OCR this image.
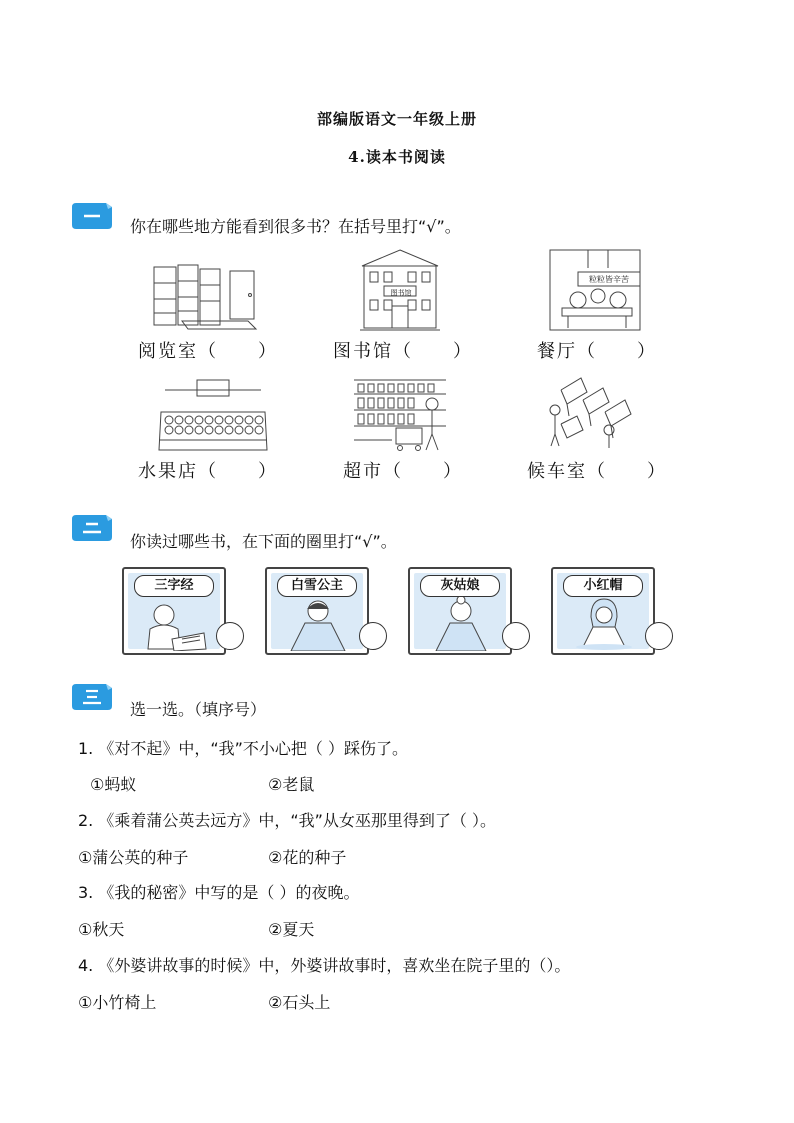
部编版语文一年级上册
4.读本书阅读
你在哪些地方能看到很多书？在括号里打“√”。
图书馆
粒粒皆辛苦
阅览室（　　）	图书馆（　　）	餐厅（　　）
水果店（　　）	超市（　　）	候车室（　　）
你读过哪些书，在下面的圈里打“√”。
三字经	白雪公主	灰姑娘	小红帽
选一选。（填序号）
1. 《对不起》中，“我”不小心把（ ）踩伤了。
①蚂蚁	②老鼠
2. 《乘着蒲公英去远方》中，“我”从女巫那里得到了（ ）。
①蒲公英的种子	②花的种子
3. 《我的秘密》中写的是（ ）的夜晚。
①秋天	②夏天
4. 《外婆讲故事的时候》中，外婆讲故事时，喜欢坐在院子里的（）。
①小竹椅上	②石头上
